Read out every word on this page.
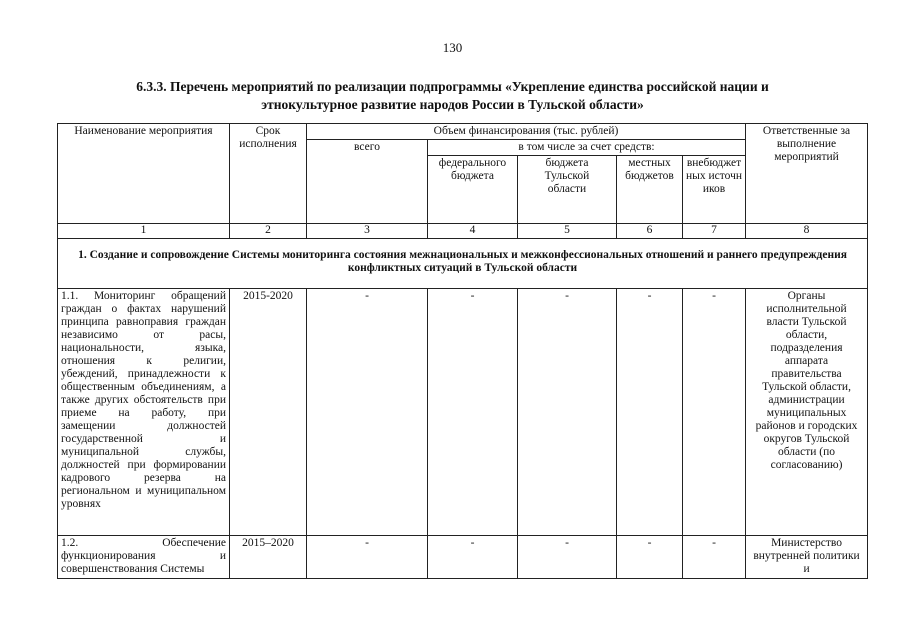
130
6.3.3. Перечень мероприятий по реализации подпрограммы «Укрепление единства российской нации и
этнокультурное развитие народов России в Тульской области»
Наименование мероприятия	Срок исполнения	Объем финансирования (тыс. рублей)					Ответственные за выполнение мероприятий
		всего	в том числе за счет средств:				
			федерального бюджета	бюджета Тульской области	местных бюджетов	внебюджетных источников	
1	2	3	4	5	6	7	8
1. Создание и сопровождение Системы мониторинга состояния межнациональных и межконфессиональных отношений и раннего предупреждения конфликтных ситуаций в Тульской области							
1.1. Мониторинг обращений граждан о фактах нарушений принципа равноправия граждан независимо от расы, национальности, языка, отношения к религии, убеждений, принадлежности к общественным объединениям, а также других обстоятельств при приеме на работу, при замещении должностей государственной и муниципальной службы, должностей при формировании кадрового резерва на региональном и муниципальном уровнях	2015-2020	-	-	-	-	-	Органы исполнительной власти Тульской области, подразделения аппарата правительства Тульской области, администрации муниципальных районов и городских округов Тульской области (по согласованию)
1.2. Обеспечение функционирования и совершенствования Системы	2015–2020	-	-	-	-	-	Министерство внутренней политики и
